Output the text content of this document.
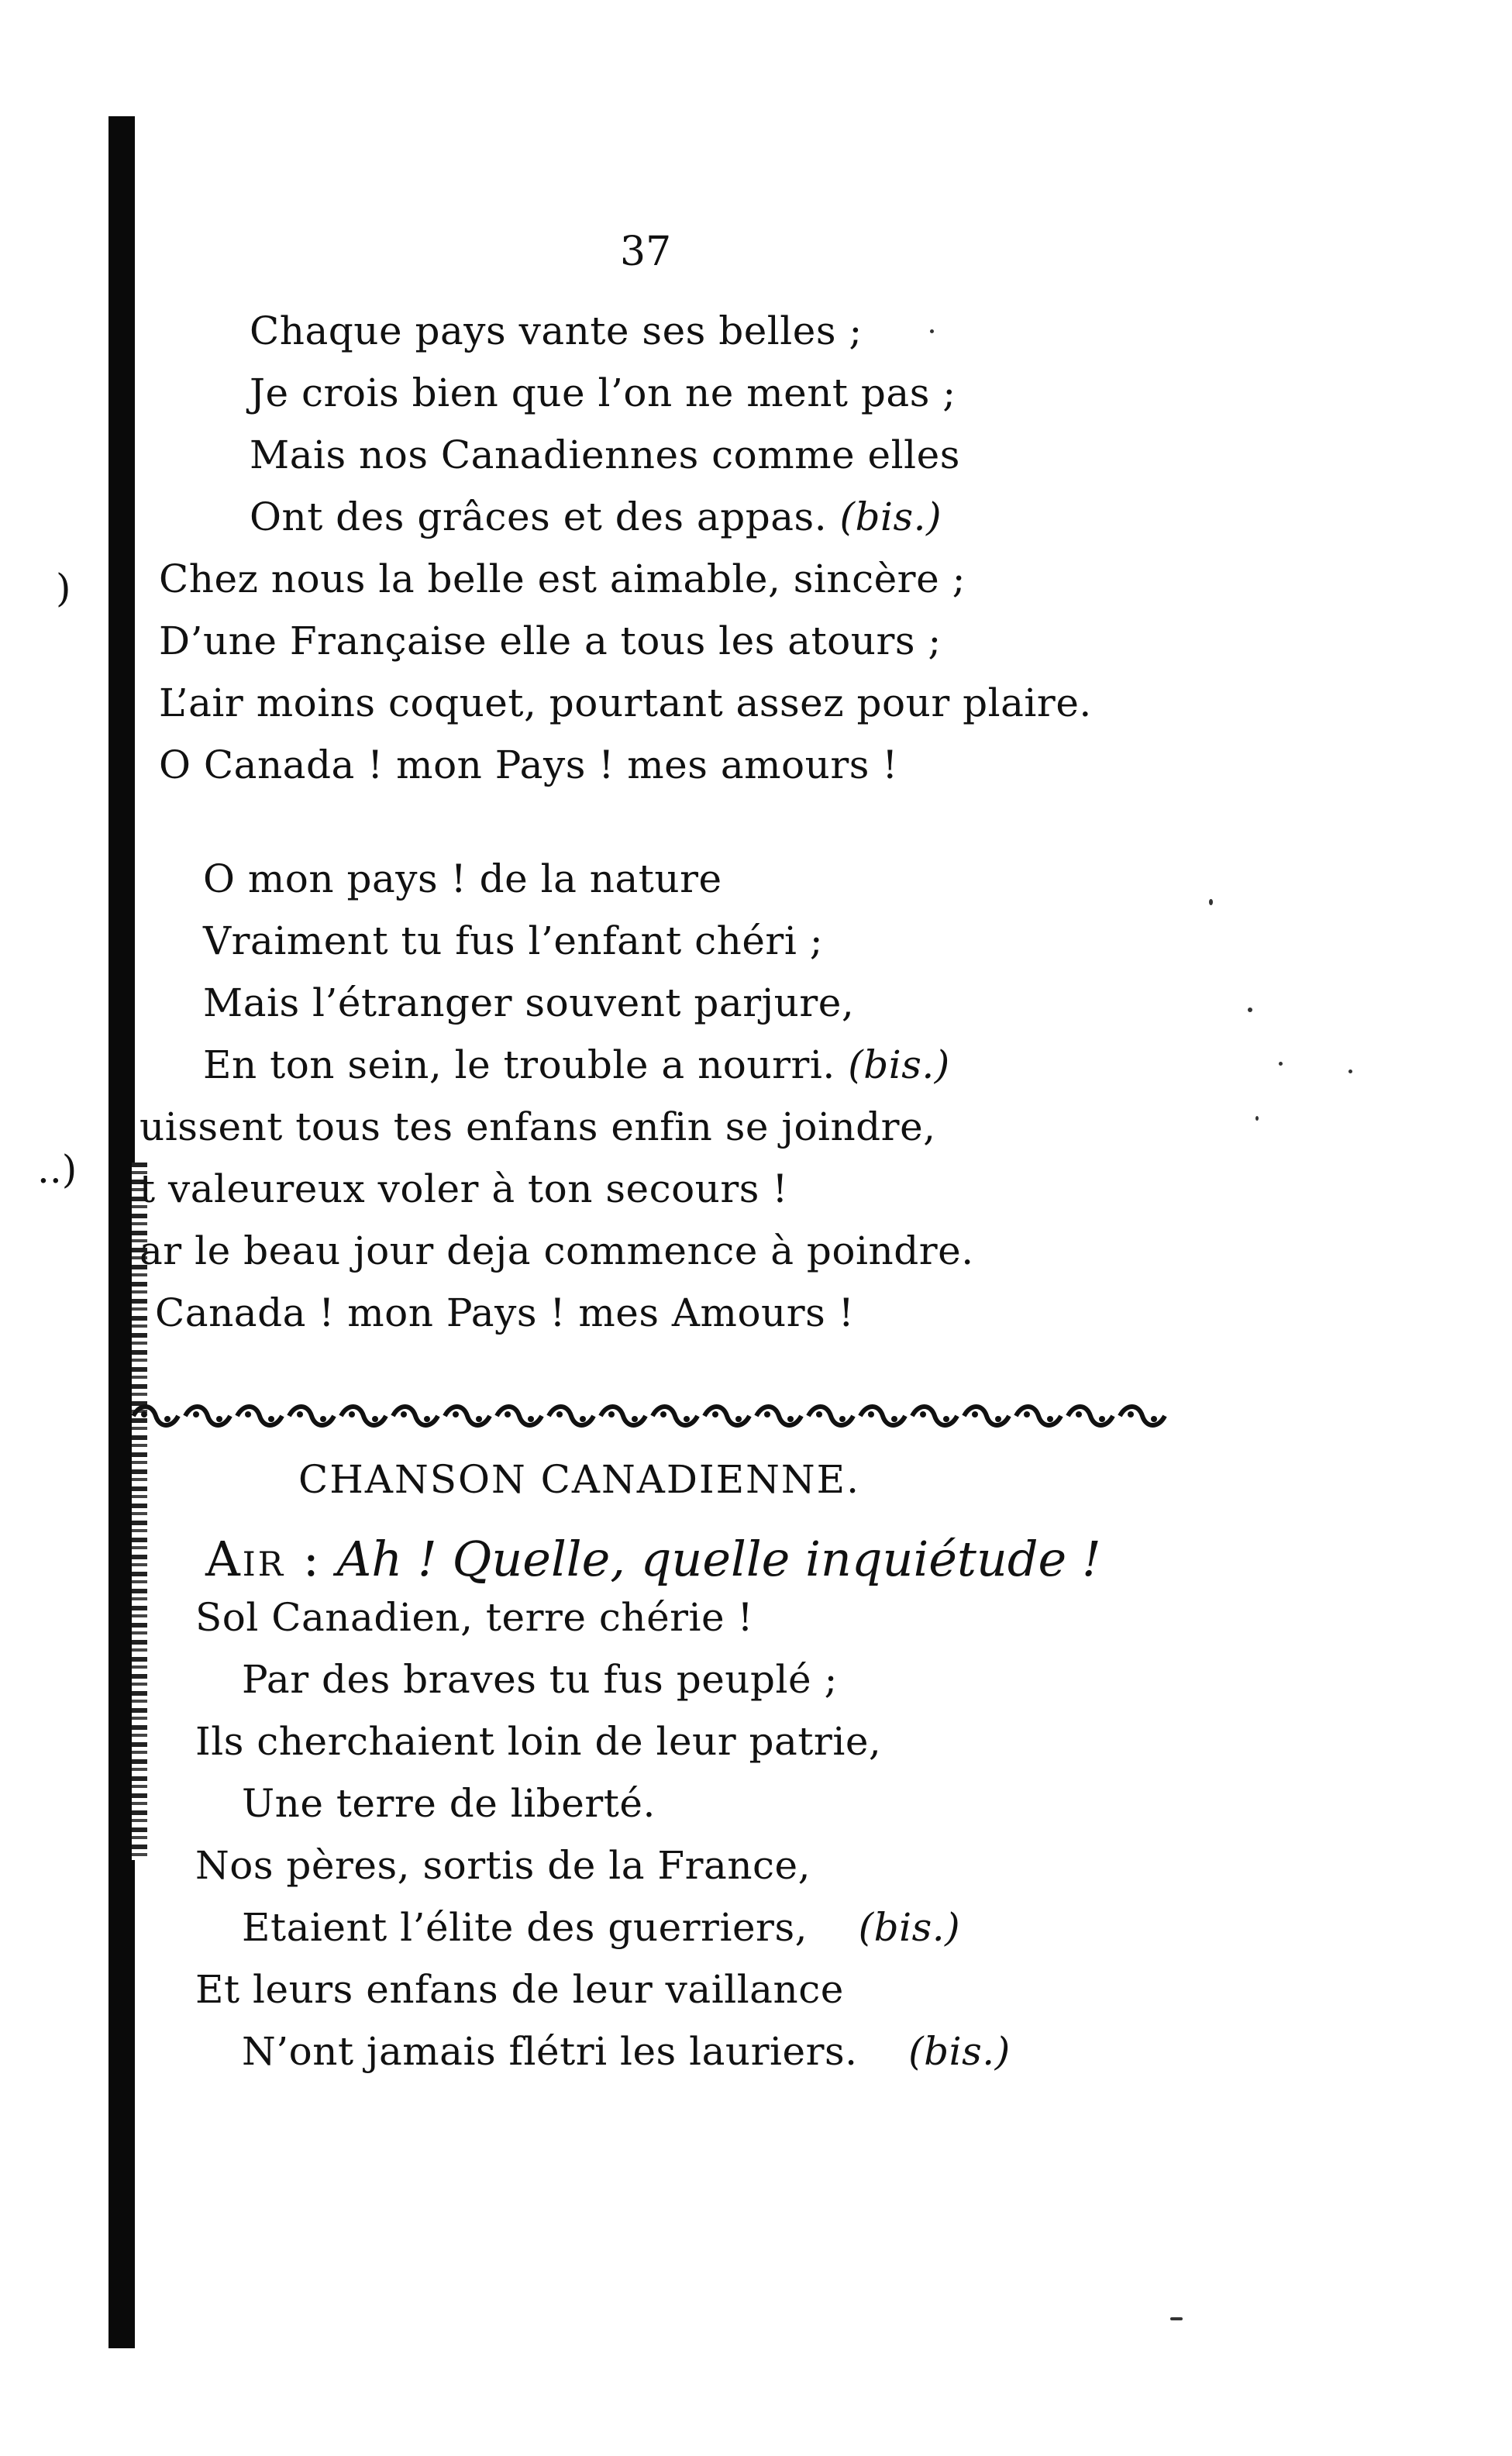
37
Chaque pays vante ses belles ;
Je crois bien que l’on ne ment pas ;
Mais nos Canadiennes comme elles
Ont des grâces et des appas. (bis.)
Chez nous la belle est aimable, sincère ;
D’une Française elle a tous les atours ;
L’air moins coquet, pourtant assez pour plaire.
O Canada ! mon Pays ! mes amours !
)
O mon pays ! de la nature
Vraiment tu fus l’enfant chéri ;
Mais l’étranger souvent parjure,
En ton sein, le trouble a nourri. (bis.)
uissent tous tes enfans enfin se joindre,
t valeureux voler à ton secours !
ar le beau jour deja commence à poindre.
Canada ! mon Pays ! mes Amours !
..)
CHANSON CANADIENNE.
Air : Ah ! Quelle, quelle inquiétude !
Sol Canadien, terre chérie !
Par des braves tu fus peuplé ;
Ils cherchaient loin de leur patrie,
Une terre de liberté.
Nos pères, sortis de la France,
Etaient l’élite des guerriers, (bis.)
Et leurs enfans de leur vaillance
N’ont jamais flétri les lauriers. (bis.)
